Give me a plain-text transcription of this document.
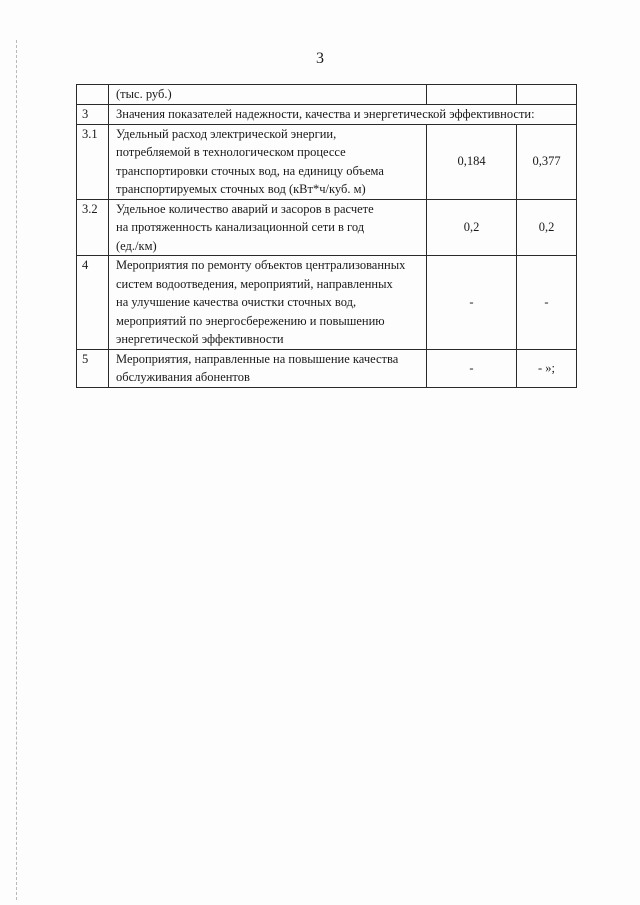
3

	(тыс. руб.)		

3	Значения показателей надежности, качества и энергетической эффективности:		

3.1	Удельный расход электрической энергии,
потребляемой в технологическом процессе
транспортировки сточных вод, на единицу объема
транспортируемых сточных вод (кВт*ч/куб. м)	0,184	0,377
3.2	Удельное количество аварий и засоров в расчете
на протяженность канализационной сети в год
(ед./км)	0,2	0,2
4	Мероприятия по ремонту объектов централизованных
систем водоотведения, мероприятий, направленных
на улучшение качества очистки сточных вод,
мероприятий по энергосбережению и повышению
энергетической эффективности	-	-
5	Мероприятия, направленные на повышение качества
обслуживания абонентов	-	- »;
